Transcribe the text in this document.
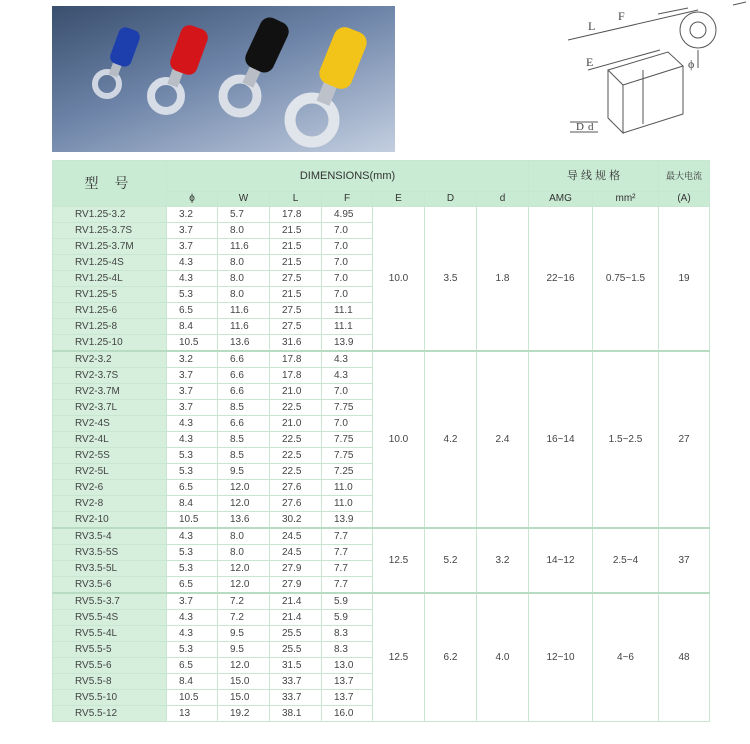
L
F
E	ϕ
D d
型 号	DIMENSIONS(mm)							导 线 规 格		最大电流
	ϕ	W	L	F	E	D	d	AMG	mm²	(A)
RV1.25-3.2	3.2	5.7	17.8	4.95	10.0	3.5	1.8	22~16	0.75~1.5	19
RV1.25-3.7S	3.7	8.0	21.5	7.0						
RV1.25-3.7M	3.7	11.6	21.5	7.0						
RV1.25-4S	4.3	8.0	21.5	7.0						
RV1.25-4L	4.3	8.0	27.5	7.0						
RV1.25-5	5.3	8.0	21.5	7.0						
RV1.25-6	6.5	11.6	27.5	11.1						
RV1.25-8	8.4	11.6	27.5	11.1						
RV1.25-10	10.5	13.6	31.6	13.9						
RV2-3.2	3.2	6.6	17.8	4.3	10.0	4.2	2.4	16~14	1.5~2.5	27
RV2-3.7S	3.7	6.6	17.8	4.3						
RV2-3.7M	3.7	6.6	21.0	7.0						
RV2-3.7L	3.7	8.5	22.5	7.75						
RV2-4S	4.3	6.6	21.0	7.0						
RV2-4L	4.3	8.5	22.5	7.75						
RV2-5S	5.3	8.5	22.5	7.75						
RV2-5L	5.3	9.5	22.5	7.25						
RV2-6	6.5	12.0	27.6	11.0						
RV2-8	8.4	12.0	27.6	11.0						
RV2-10	10.5	13.6	30.2	13.9						
RV3.5-4	4.3	8.0	24.5	7.7	12.5	5.2	3.2	14~12	2.5~4	37
RV3.5-5S	5.3	8.0	24.5	7.7						
RV3.5-5L	5.3	12.0	27.9	7.7						
RV3.5-6	6.5	12.0	27.9	7.7						
RV5.5-3.7	3.7	7.2	21.4	5.9	12.5	6.2	4.0	12~10	4~6	48
RV5.5-4S	4.3	7.2	21.4	5.9						
RV5.5-4L	4.3	9.5	25.5	8.3						
RV5.5-5	5.3	9.5	25.5	8.3						
RV5.5-6	6.5	12.0	31.5	13.0						
RV5.5-8	8.4	15.0	33.7	13.7						
RV5.5-10	10.5	15.0	33.7	13.7						
RV5.5-12	13	19.2	38.1	16.0						
